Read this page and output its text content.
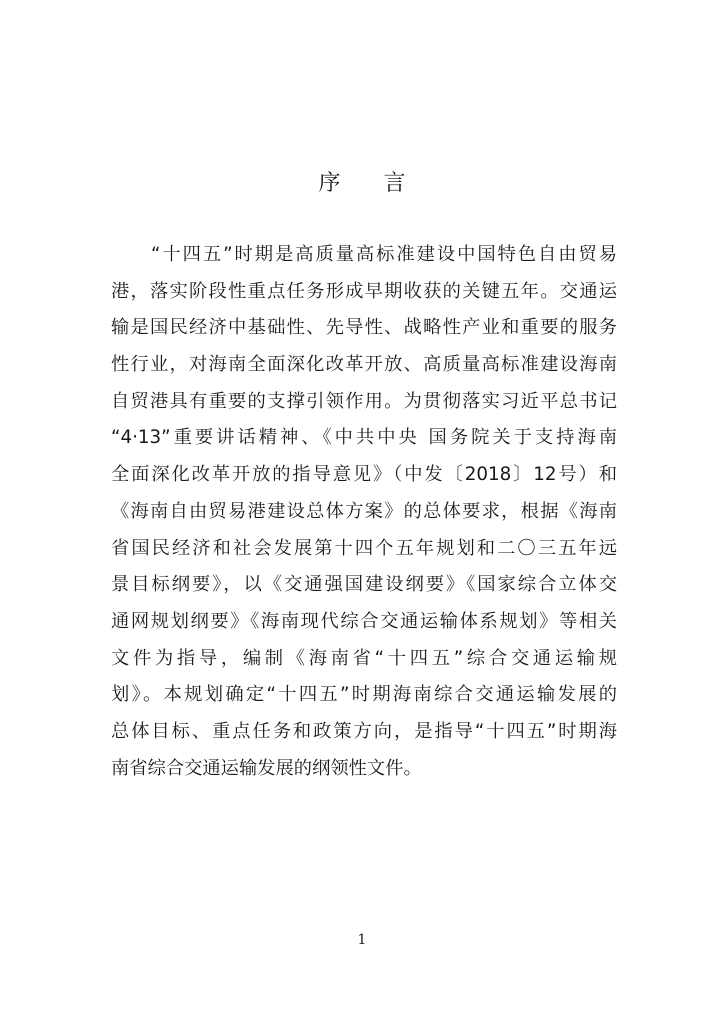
序 言
“十四五”时期是高质量高标准建设中国特色自由贸易
港，落实阶段性重点任务形成早期收获的关键五年。交通运
输是国民经济中基础性、先导性、战略性产业和重要的服务
性行业，对海南全面深化改革开放、高质量高标准建设海南
自贸港具有重要的支撑引领作用。为贯彻落实习近平总书记
“4·13”重要讲话精神、《中共中央 国务院关于支持海南
全面深化改革开放的指导意见》（中发〔2018〕12号）和
《海南自由贸易港建设总体方案》的总体要求，根据《海南
省国民经济和社会发展第十四个五年规划和二〇三五年远
景目标纲要》，以《交通强国建设纲要》《国家综合立体交
通网规划纲要》《海南现代综合交通运输体系规划》等相关
文件为指导，编制《海南省“十四五”综合交通运输规
划》。本规划确定“十四五”时期海南综合交通运输发展的
总体目标、重点任务和政策方向，是指导“十四五”时期海
南省综合交通运输发展的纲领性文件。
1
